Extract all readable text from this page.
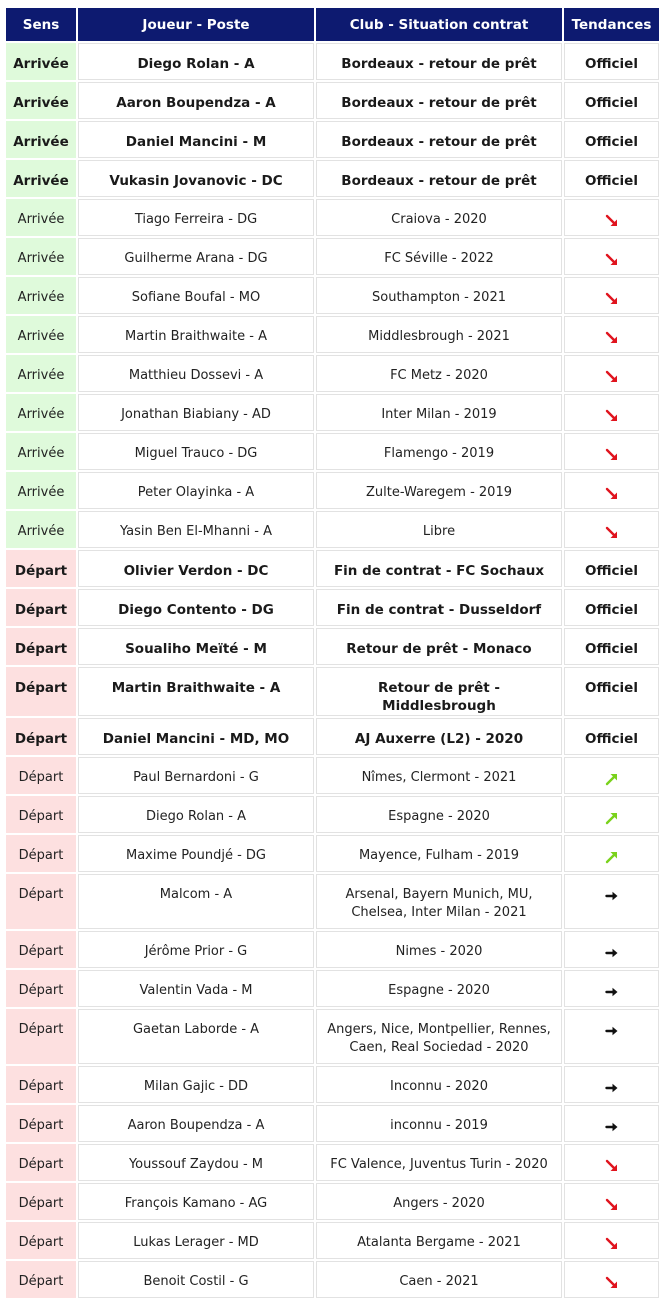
Sens	Joueur - Poste	Club - Situation contrat	Tendances
Arrivée	Diego Rolan - A	Bordeaux - retour de prêt	Officiel
Arrivée	Aaron Boupendza - A	Bordeaux - retour de prêt	Officiel
Arrivée	Daniel Mancini - M	Bordeaux - retour de prêt	Officiel
Arrivée	Vukasin Jovanovic - DC	Bordeaux - retour de prêt	Officiel
Arrivée	Tiago Ferreira - DG	Craiova - 2020	
Arrivée	Guilherme Arana - DG	FC Séville - 2022	
Arrivée	Sofiane Boufal - MO	Southampton - 2021	
Arrivée	Martin Braithwaite - A	Middlesbrough - 2021	
Arrivée	Matthieu Dossevi - A	FC Metz - 2020	
Arrivée	Jonathan Biabiany - AD	Inter Milan - 2019	
Arrivée	Miguel Trauco - DG	Flamengo - 2019	
Arrivée	Peter Olayinka - A	Zulte-Waregem - 2019	
Arrivée	Yasin Ben El-Mhanni - A	Libre	
Départ	Olivier Verdon - DC	Fin de contrat - FC Sochaux	Officiel
Départ	Diego Contento - DG	Fin de contrat - Dusseldorf	Officiel
Départ	Soualiho Meïté - M	Retour de prêt - Monaco	Officiel
Départ	Martin Braithwaite - A	Retour de prêt - Middlesbrough	Officiel
Départ	Daniel Mancini - MD, MO	AJ Auxerre (L2) - 2020	Officiel
Départ	Paul Bernardoni - G	Nîmes, Clermont - 2021	
Départ	Diego Rolan - A	Espagne - 2020	
Départ	Maxime Poundjé - DG	Mayence, Fulham - 2019	
Départ	Malcom - A	Arsenal, Bayern Munich, MU,
Chelsea, Inter Milan - 2021	
Départ	Jérôme Prior - G	Nimes - 2020	
Départ	Valentin Vada - M	Espagne - 2020	
Départ	Gaetan Laborde - A	Angers, Nice, Montpellier, Rennes,
Caen, Real Sociedad - 2020	
Départ	Milan Gajic - DD	Inconnu - 2020	
Départ	Aaron Boupendza - A	inconnu - 2019	
Départ	Youssouf Zaydou - M	FC Valence, Juventus Turin - 2020	
Départ	François Kamano - AG	Angers - 2020	
Départ	Lukas Lerager - MD	Atalanta Bergame - 2021	
Départ	Benoit Costil - G	Caen - 2021	
